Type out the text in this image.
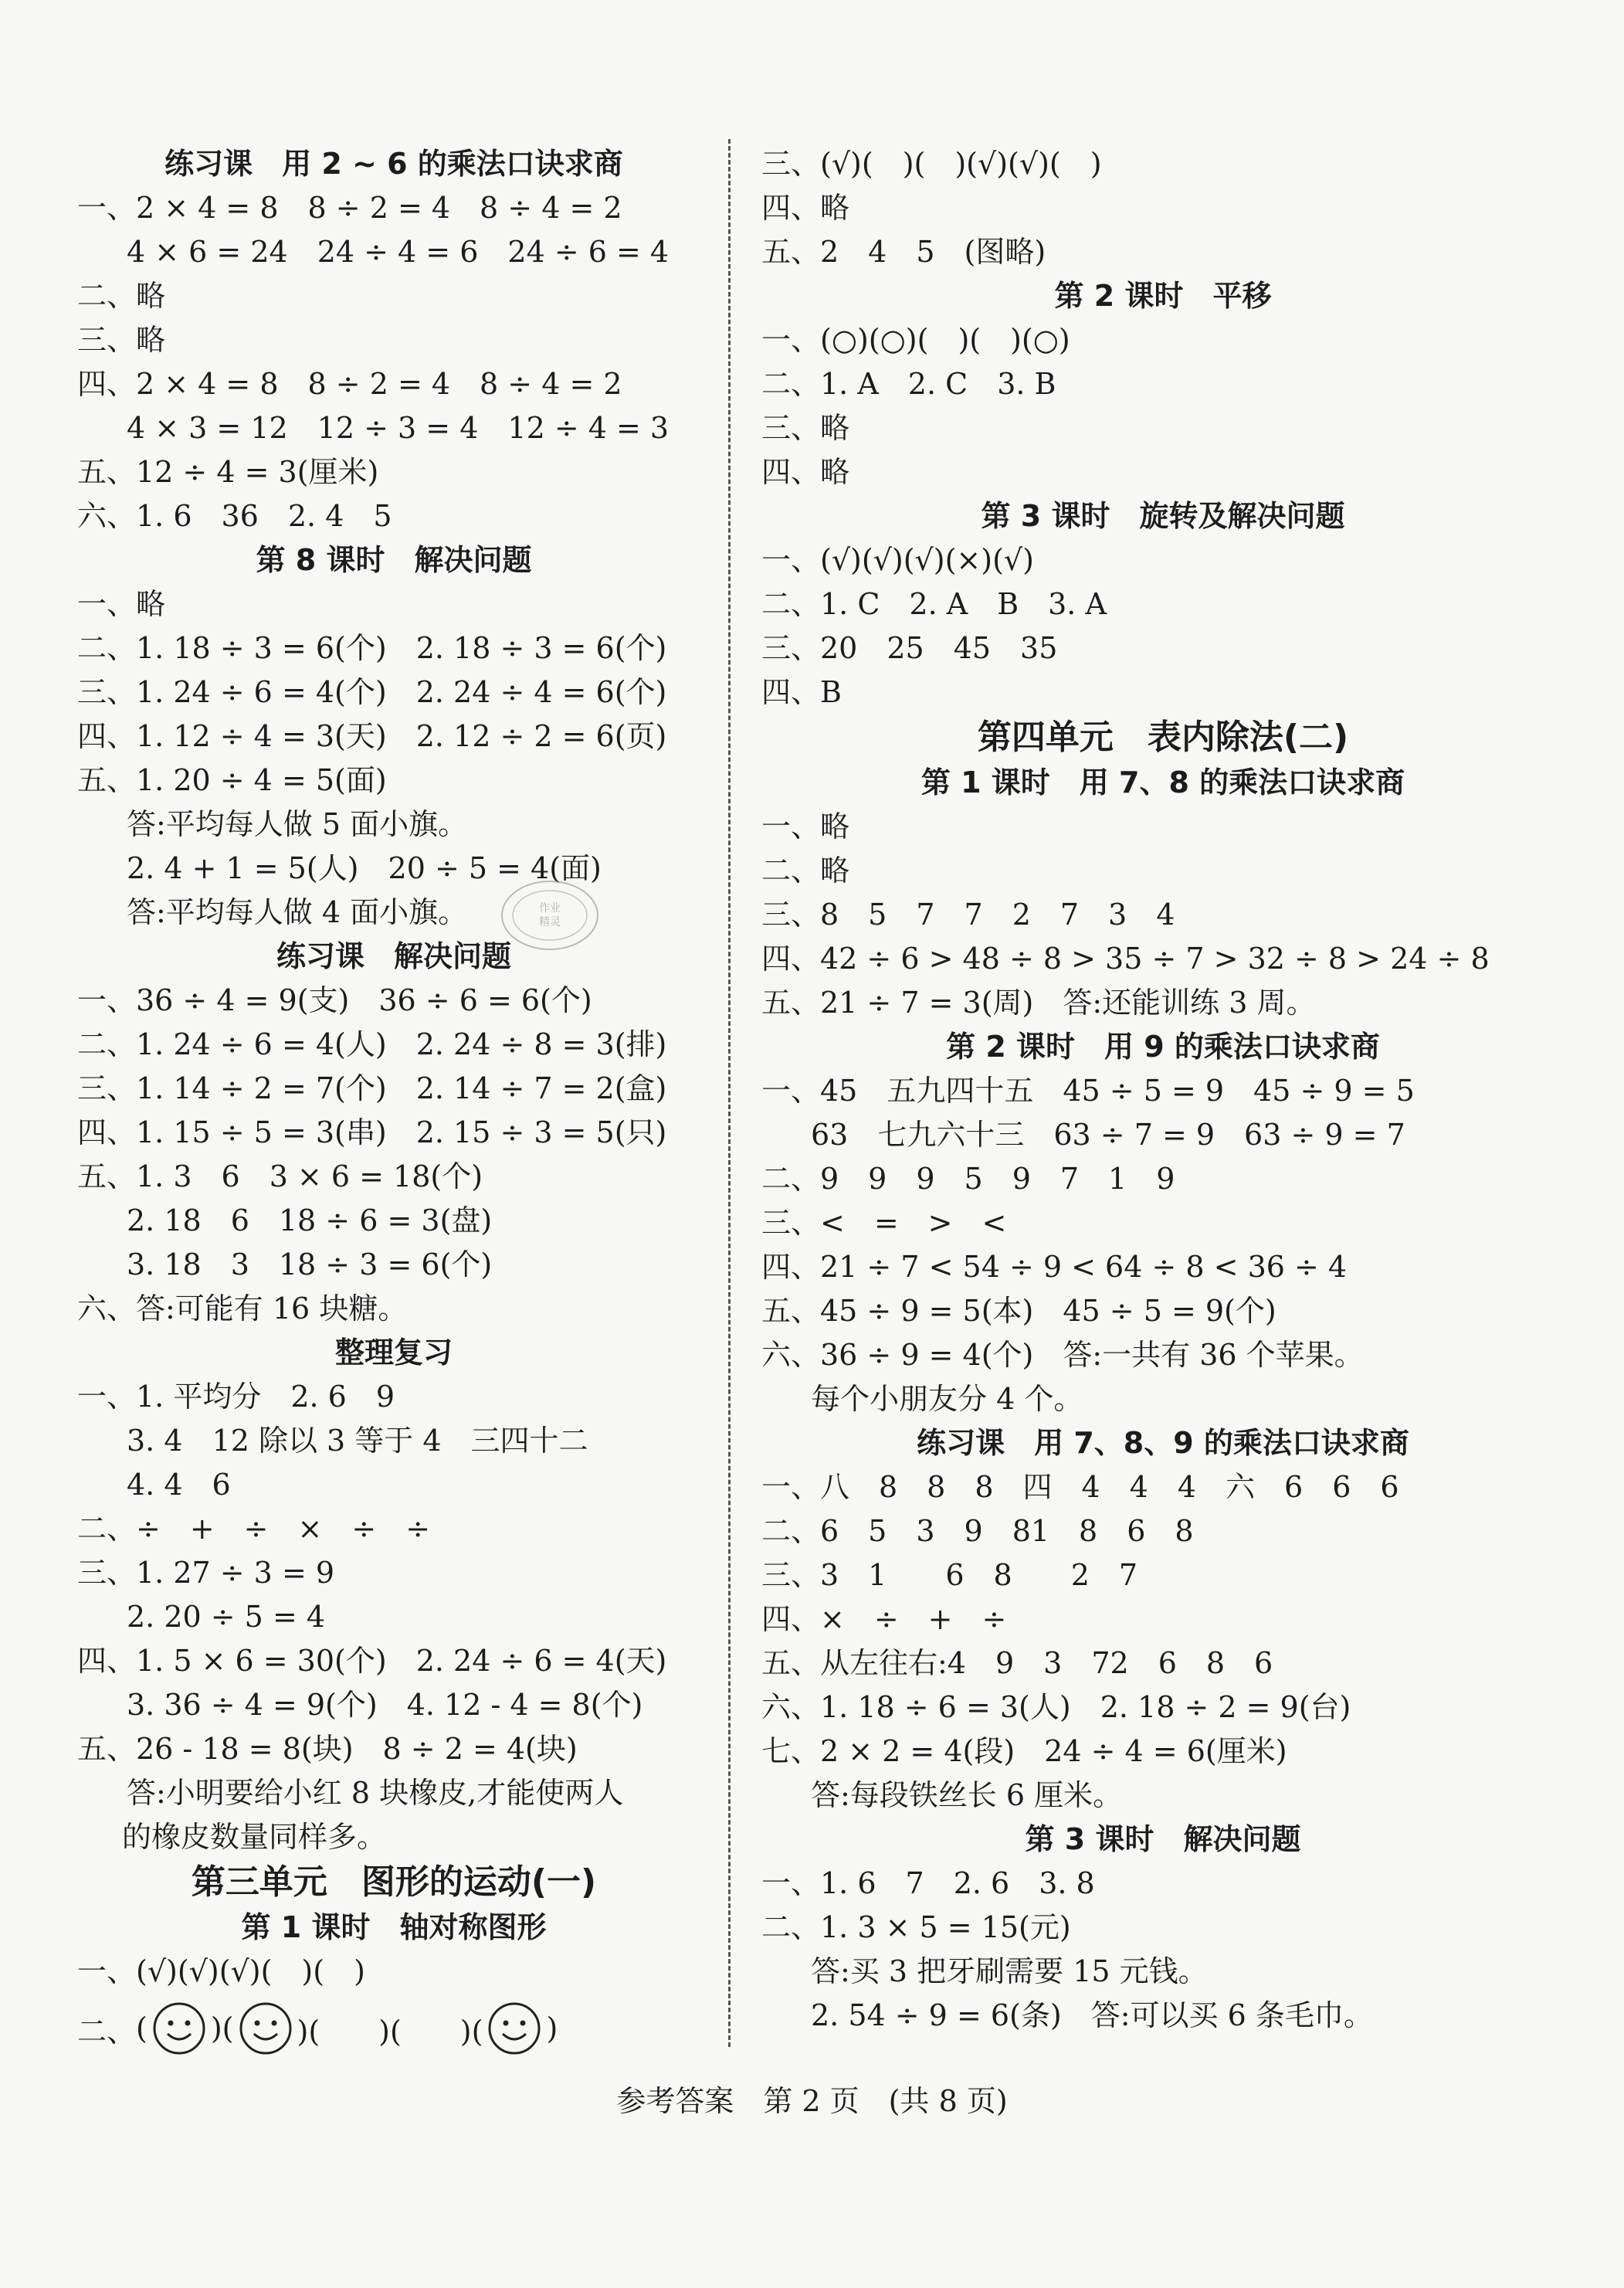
练习课　用 2 ~ 6 的乘法口诀求商
一、2 × 4 = 8　8 ÷ 2 = 4　8 ÷ 4 = 2
4 × 6 = 24　24 ÷ 4 = 6　24 ÷ 6 = 4
二、略
三、略
四、2 × 4 = 8　8 ÷ 2 = 4　8 ÷ 4 = 2
4 × 3 = 12　12 ÷ 3 = 4　12 ÷ 4 = 3
五、12 ÷ 4 = 3(厘米)
六、1. 6　36　2. 4　5
第 8 课时　解决问题
一、略
二、1. 18 ÷ 3 = 6(个)　2. 18 ÷ 3 = 6(个)
三、1. 24 ÷ 6 = 4(个)　2. 24 ÷ 4 = 6(个)
四、1. 12 ÷ 4 = 3(天)　2. 12 ÷ 2 = 6(页)
五、1. 20 ÷ 4 = 5(面)
答:平均每人做 5 面小旗。
2. 4 + 1 = 5(人)　20 ÷ 5 = 4(面)
答:平均每人做 4 面小旗。
练习课　解决问题
一、36 ÷ 4 = 9(支)　36 ÷ 6 = 6(个)
二、1. 24 ÷ 6 = 4(人)　2. 24 ÷ 8 = 3(排)
三、1. 14 ÷ 2 = 7(个)　2. 14 ÷ 7 = 2(盒)
四、1. 15 ÷ 5 = 3(串)　2. 15 ÷ 3 = 5(只)
五、1. 3　6　3 × 6 = 18(个)
2. 18　6　18 ÷ 6 = 3(盘)
3. 18　3　18 ÷ 3 = 6(个)
六、答:可能有 16 块糖。
整理复习
一、1. 平均分　2. 6　9
3. 4　12 除以 3 等于 4　三四十二
4. 4　6
二、÷　+　÷　×　÷　÷
三、1. 27 ÷ 3 = 9
2. 20 ÷ 5 = 4
四、1. 5 × 6 = 30(个)　2. 24 ÷ 6 = 4(天)
3. 36 ÷ 4 = 9(个)　4. 12 - 4 = 8(个)
五、26 - 18 = 8(块)　8 ÷ 2 = 4(块)
答:小明要给小红 8 块橡皮,才能使两人
的橡皮数量同样多。
第三单元　图形的运动(一)
第 1 课时　轴对称图形
一、(√)(√)(√)(　)(　)
二、 ( )( )(　　)(　　)( )
三、(√)(　)(　)(√)(√)(　)
四、略
五、2　4　5　(图略)
第 2 课时　平移
一、(○)(○)(　)(　)(○)
二、1. A　2. C　3. B
三、略
四、略
第 3 课时　旋转及解决问题
一、(√)(√)(√)(×)(√)
二、1. C　2. A　B　3. A
三、20　25　45　35
四、B
第四单元　表内除法(二)
第 1 课时　用 7、8 的乘法口诀求商
一、略
二、略
三、8　5　7　7　2　7　3　4
四、42 ÷ 6 > 48 ÷ 8 > 35 ÷ 7 > 32 ÷ 8 > 24 ÷ 8
五、21 ÷ 7 = 3(周)　答:还能训练 3 周。
第 2 课时　用 9 的乘法口诀求商
一、45　五九四十五　45 ÷ 5 = 9　45 ÷ 9 = 5
63　七九六十三　63 ÷ 7 = 9　63 ÷ 9 = 7
二、9　9　9　5　9　7　1　9
三、<　=　>　<
四、21 ÷ 7 < 54 ÷ 9 < 64 ÷ 8 < 36 ÷ 4
五、45 ÷ 9 = 5(本)　45 ÷ 5 = 9(个)
六、36 ÷ 9 = 4(个)　答:一共有 36 个苹果。
每个小朋友分 4 个。
练习课　用 7、8、9 的乘法口诀求商
一、八　8　8　8　四　4　4　4　六　6　6　6
二、6　5　3　9　81　8　6　8
三、3　1　　6　8　　2　7
四、×　÷　+　÷
五、从左往右:4　9　3　72　6　8　6
六、1. 18 ÷ 6 = 3(人)　2. 18 ÷ 2 = 9(台)
七、2 × 2 = 4(段)　24 ÷ 4 = 6(厘米)
答:每段铁丝长 6 厘米。
第 3 课时　解决问题
一、1. 6　7　2. 6　3. 8
二、1. 3 × 5 = 15(元)
答:买 3 把牙刷需要 15 元钱。
2. 54 ÷ 9 = 6(条)　答:可以买 6 条毛巾。
作业
精灵
参考答案　第 2 页　(共 8 页)
